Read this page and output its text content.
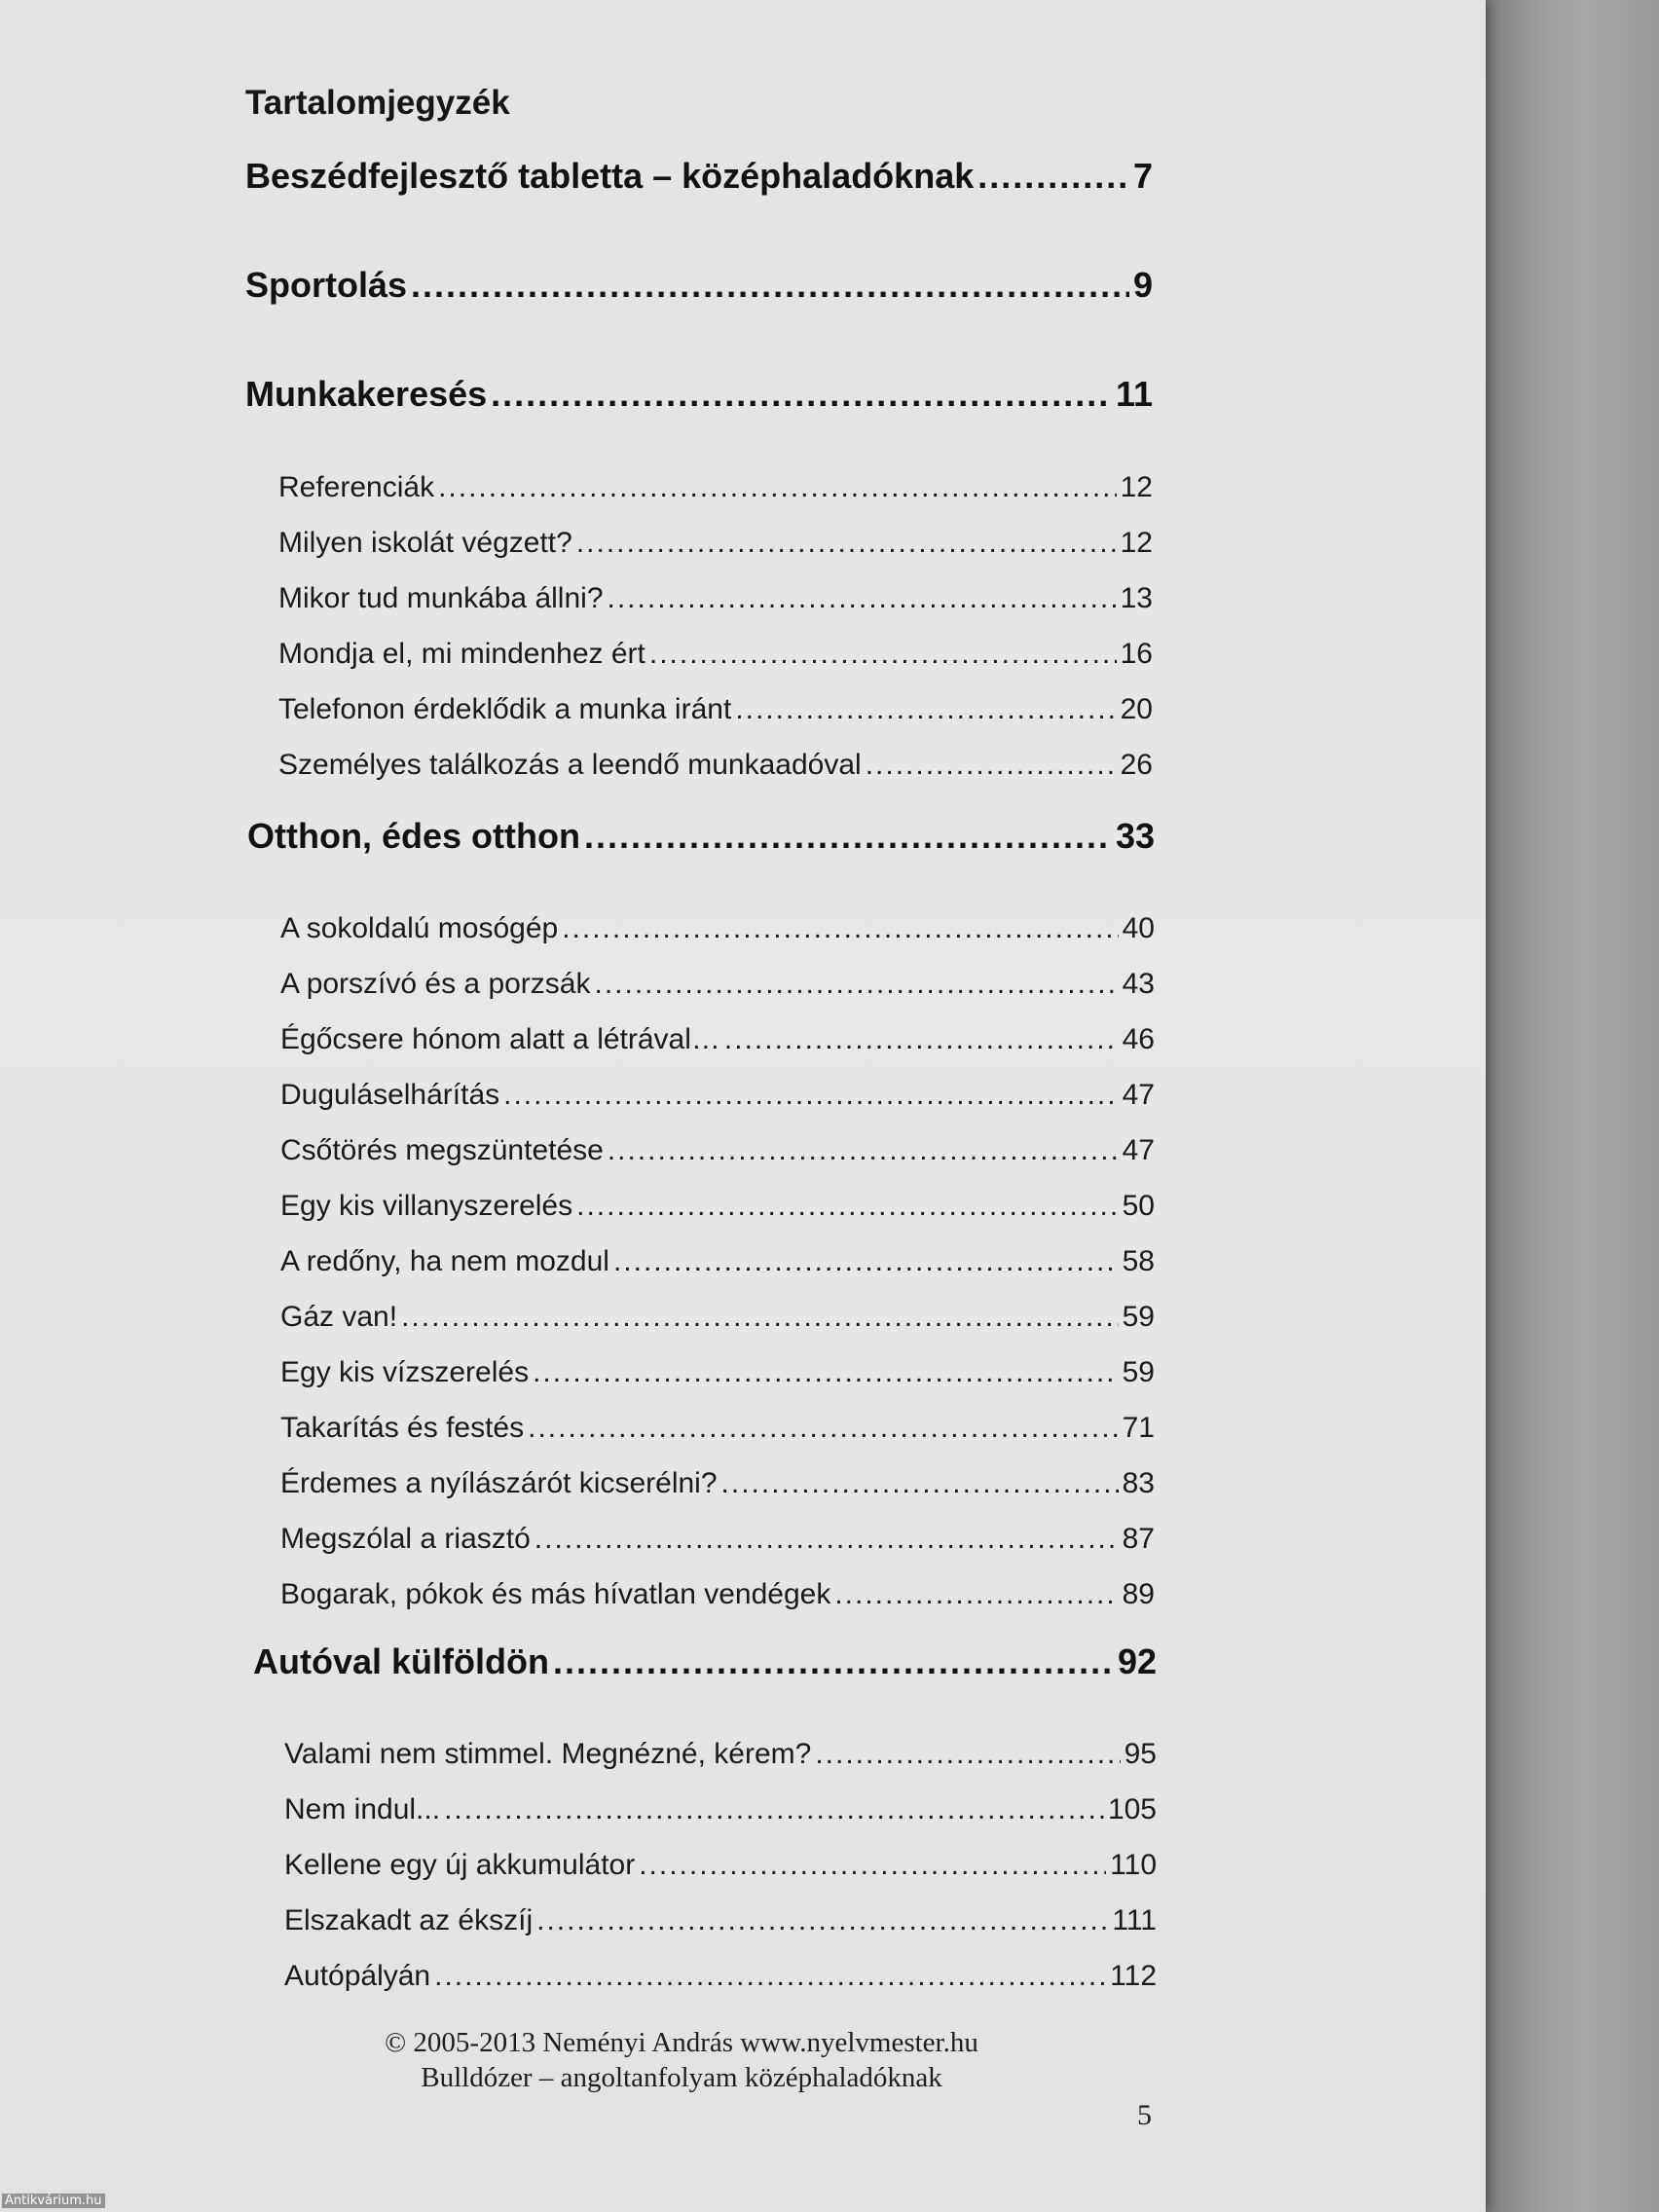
Tartalomjegyzék
Beszédfejlesztő tabletta – középhaladóknak .....	7
Sportolás .....	9
Munkakeresés .....	11
Referenciák .....	12
Milyen iskolát végzett? .....	12
Mikor tud munkába állni? .....	13
Mondja el, mi mindenhez ért .....	16
Telefonon érdeklődik a munka iránt .....	20
Személyes találkozás a leendő munkaadóval .....	26
Otthon, édes otthon .....	33
A sokoldalú mosógép .....	40
A porszívó és a porzsák .....	43
Égőcsere hónom alatt a létrával… .....	46
Duguláselhárítás .....	47
Csőtörés megszüntetése .....	47
Egy kis villanyszerelés .....	50
A redőny, ha nem mozdul .....	58
Gáz van! .....	59
Egy kis vízszerelés .....	59
Takarítás és festés .....	71
Érdemes a nyílászárót kicserélni? .....	83
Megszólal a riasztó .....	87
Bogarak, pókok és más hívatlan vendégek .....	89
Autóval külföldön .....	92
Valami nem stimmel. Megnézné, kérem? .....	95
Nem indul... .....	105
Kellene egy új akkumulátor .....	110
Elszakadt az ékszíj .....	111
Autópályán .....	112
© 2005-2013 Neményi András www.nyelvmester.hu
Bulldózer – angoltanfolyam középhaladóknak
5
Antikvárium.hu
